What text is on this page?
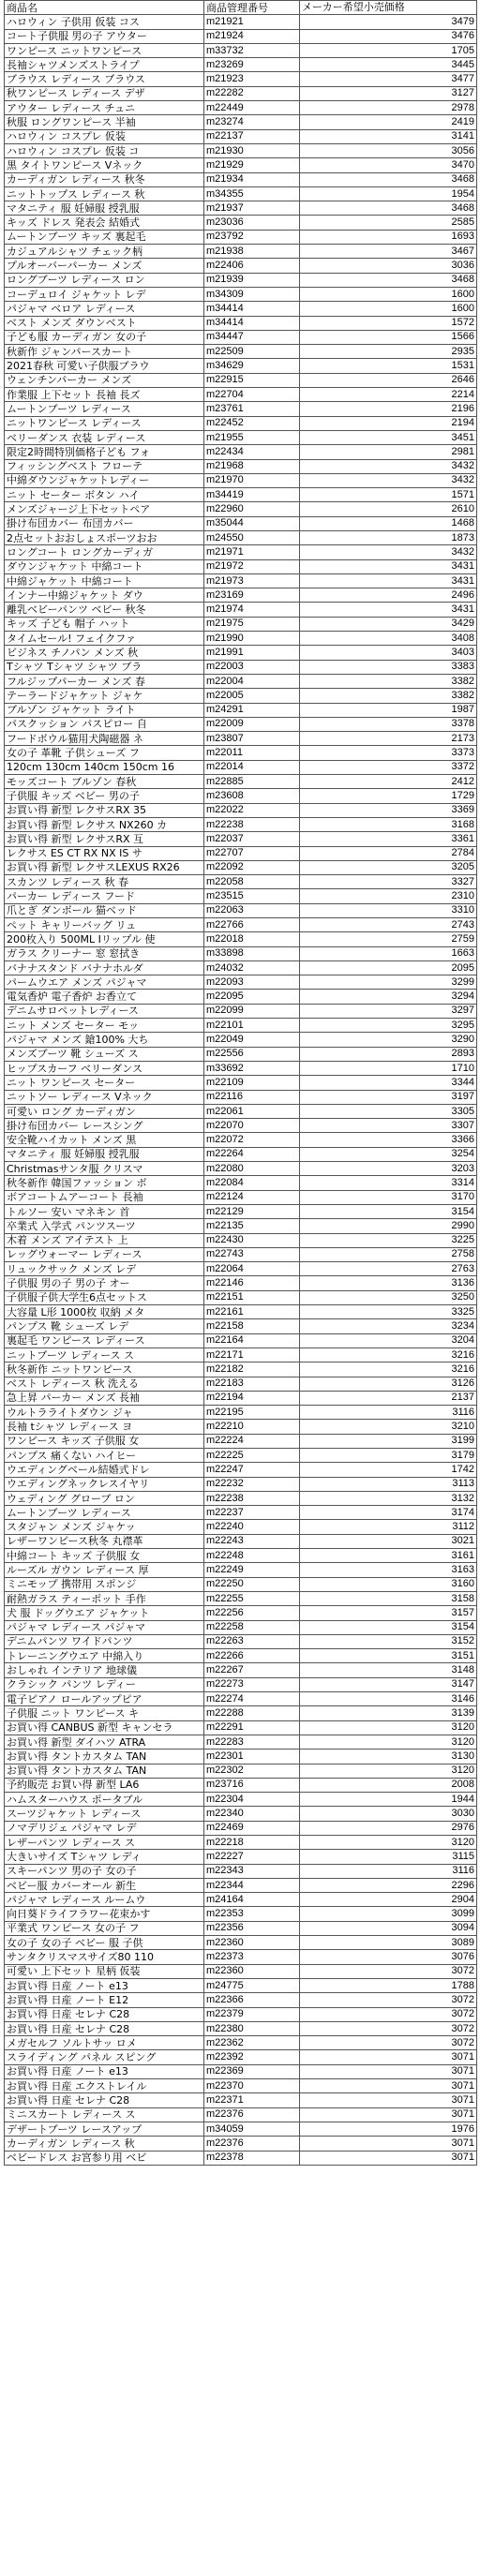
商品名	商品管理番号	メーカー希望小売価格
ハロウィン 子供用 仮装 コス	m21921	3479
コート子供服 男の子 アウター	m21924	3476
ワンピース ニットワンピース	m33732	1705
長袖シャツメンズストライプ	m23269	3445
ブラウス レディース ブラウス	m21923	3477
秋ワンピース レディース デザ	m22282	3127
アウター レディース チュニ	m22449	2978
秋服 ロングワンピース 半袖	m23274	2419
ハロウィン コスプレ 仮装	m22137	3141
ハロウィン コスプレ 仮装 コ	m21930	3056
黒 タイトワンピース Vネック	m21929	3470
カーディガン レディース 秋冬	m21934	3468
ニットトップス レディース 秋	m34355	1954
マタニティ 服 妊婦服 授乳服	m21937	3468
キッズ ドレス 発表会 結婚式	m23036	2585
ムートンブーツ キッズ 裏起毛	m23792	1693
カジュアルシャツ チェック柄	m21938	3467
プルオーバーパーカー メンズ	m22406	3036
ロングブーツ レディース ロン	m21939	3468
コーデュロイ ジャケット レデ	m34309	1600
パジャマ ベロア レディース	m34414	1600
ベスト メンズ ダウンベスト	m34414	1572
子ども服 カーディガン 女の子	m34447	1566
秋新作 ジャンパースカート	m22509	2935
2021春秋 可愛い子供服ブラウ	m34629	1531
ウェンチンパーカー メンズ	m22915	2646
作業服 上下セット 長袖 長ズ	m22704	2214
ムートンブーツ レディース	m23761	2196
ニットワンピース レディース	m22452	2194
ベリーダンス 衣装 レディース	m21955	3451
限定2時間特別価格子ども フォ	m22434	2981
フィッシングベスト フローテ	m21968	3432
中綿ダウンジャケットレディー	m21970	3432
ニット セーター ボタン ハイ	m34419	1571
メンズジャージ上下セットペア	m22960	2610
掛け布団カバー 布団カバー	m35044	1468
2点セットおおしょスポーツおお	m24550	1873
ロングコート ロングカーディガ	m21971	3432
ダウンジャケット 中綿コート	m21972	3431
中綿ジャケット 中綿コート	m21973	3431
インナー中綿ジャケット ダウ	m23169	2496
離乳ベビーパンツ ベビー 秋冬	m21974	3431
キッズ 子ども 帽子 ハット	m21975	3429
タイムセール! フェイクファ	m21990	3408
ビジネス チノパン メンズ 秋	m21991	3403
Tシャツ Tシャツ シャツ ブラ	m22003	3383
フルジップパーカー メンズ 春	m22004	3382
テーラードジャケット ジャケ	m22005	3382
ブルゾン ジャケット ライト	m24291	1987
パスクッション パスピロー 自	m22009	3378
フードボウル猫用犬陶磁器 ネ	m23807	2173
女の子 革靴 子供シューズ フ	m22011	3373
120cm 130cm 140cm 150cm 16	m22014	3372
モッズコート ブルゾン 春秋	m22885	2412
子供服 キッズ ベビー 男の子	m23608	1729
お買い得 新型 レクサスRX 35	m22022	3369
お買い得 新型 レクサス NX260 カ	m22238	3168
お買い得 新型 レクサスRX 互	m22037	3361
レクサス ES CT RX NX IS サ	m22707	2784
お買い得 新型 レクサスLEXUS RX26	m22092	3205
スカンツ レディース 秋 春	m22058	3327
パーカー レディース フード	m23515	2310
爪とぎ ダンボール 猫ベッド	m22063	3310
ペット キャリーバッグ リュ	m22766	2743
200枚入り 500ML Iリップル 使	m22018	2759
ガラス クリーナー 窓 窓拭き	m33898	1663
バナナスタンド バナナホルダ	m24032	2095
パームウエア メンズ パジャマ	m22093	3299
電気香炉 電子香炉 お香立て	m22095	3294
デニムサロペットレディース	m22099	3297
ニット メンズ セーター モッ	m22101	3295
パジャマ メンズ 鎗100% 大ち	m22049	3290
メンズブーツ 靴 シューズ ス	m22556	2893
ヒップスカーフ ベリーダンス	m33692	1710
ニット ワンピース セーター	m22109	3344
ニットソー レディース Vネック	m22116	3197
可愛い ロング カーディガン	m22061	3305
掛け布団カバー レースシング	m22070	3307
安全靴ハイカット メンズ 黒	m22072	3366
マタニティ 服 妊婦服 授乳服	m22264	3254
Christmasサンタ服 クリスマ	m22080	3203
秋冬新作 韓国ファッション ボ	m22084	3314
ボアコートムアーコート 長袖	m22124	3170
トルソー 安い マネキン 首	m22129	3154
卒業式 入学式 パンツスーツ	m22135	2990
木着 メンズ アイテスト 上	m22430	3225
レッグウォーマー レディース	m22743	2758
リュックサック メンズ レデ	m22064	2763
子供服 男の子 男の子 オー	m22146	3136
子供服子供大学生6点セットス	m22151	3250
大容量 L形 1000枚 収納 メタ	m22161	3325
パンプス 靴 シューズ レデ	m22158	3234
裏起毛 ワンピース レディース	m22164	3204
ニットブーツ レディース ス	m22171	3216
秋冬新作 ニットワンピース	m22182	3216
ベスト レディース 秋 洗える	m22183	3126
急上昇 パーカー メンズ 長袖	m22194	2137
ウルトラライトダウン ジャ	m22195	3116
長袖 tシャツ レディース ヨ	m22210	3210
ワンピース キッズ 子供服 女	m22224	3199
パンプス 痛くない ハイヒー	m22225	3179
ウエディングベール結婚式ドレ	m22247	1742
ウエディングネックレスイヤリ	m22232	3113
ウェディング グローブ ロン	m22238	3132
ムートンブーツ レディース	m22237	3174
スタジャン メンズ ジャケッ	m22240	3112
レザーワンピース秋冬 丸襟革	m22243	3021
中綿コート キッズ 子供服 女	m22248	3161
ルーズル ガウン レディース 厚	m22249	3163
ミニモップ 携帯用 スポンジ	m22250	3160
耐熱ガラス ティーポット 手作	m22255	3158
犬 服 ドッグウエア ジャケット	m22256	3157
パジャマ レディース パジャマ	m22258	3154
デニムパンツ ワイドパンツ	m22263	3152
トレーニングウエア 中綿入り	m22266	3151
おしゃれ インテリア 地球儀	m22267	3148
クラシック パンツ レディー	m22273	3147
電子ピアノ ロールアップピア	m22274	3146
子供服 ニット ワンピース キ	m22288	3139
お買い得 CANBUS 新型 キャンセラ	m22291	3120
お買い得 新型 ダイハツ ATRA	m22283	3120
お買い得 タントカスタム TAN	m22301	3130
お買い得 タントカスタム TAN	m22302	3120
予約販売 お買い得 新型 LA6	m23716	2008
ハムスターハウス ポータブル	m22304	1944
スーツジャケット レディース	m22340	3030
ノマデリジェ パジャマ レデ	m22469	2976
レザーパンツ レディース ス	m22218	3120
大きいサイズ Tシャツ レディ	m22227	3115
スキーパンツ 男の子 女の子	m22343	3116
ベビー服 カバーオール 新生	m22344	2296
パジャマ レディース ルームウ	m24164	2904
向日葵ドライフラワー花束かす	m22353	3099
平業式 ワンピース 女の子 フ	m22356	3094
女の子 女の子 ベビー 服 子供	m22360	3089
サンタクリスマスサイズ80 110	m22373	3076
可愛い 上下セット 星柄 仮装	m22360	3072
お買い得 日産 ノート e13	m24775	1788
お買い得 日産 ノート E12	m22366	3072
お買い得 日産 セレナ C28	m22379	3072
お買い得 日産 セレナ C28	m22380	3072
メガセルフ ソルトサッ ロメ	m22362	3072
スライディング パネル スピング	m22392	3071
お買い得 日産 ノート e13	m22369	3071
お買い得 日産 エクストレイル	m22370	3071
お買い得 日産 セレナ C28	m22371	3071
ミニスカート レディース ス	m22376	3071
デザートブーツ レースアップ	m34059	1976
カーディガン レディース 秋	m22376	3071
ベビードレス お宮参り用 ベビ	m22378	3071
